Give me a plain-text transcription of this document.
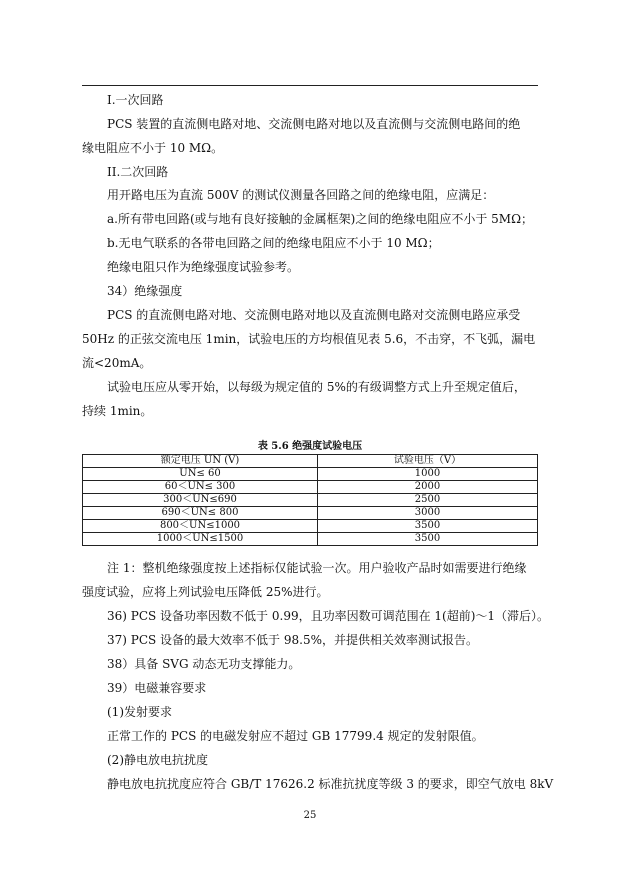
I.一次回路
PCS 装置的直流侧电路对地、交流侧电路对地以及直流侧与交流侧电路间的绝
缘电阻应不小于 10 MΩ。
II.二次回路
用开路电压为直流 500V 的测试仪测量各回路之间的绝缘电阻，应满足：
a.所有带电回路(或与地有良好接触的金属框架)之间的绝缘电阻应不小于 5MΩ；
b.无电气联系的各带电回路之间的绝缘电阻应不小于 10 MΩ；
绝缘电阻只作为绝缘强度试验参考。
34）绝缘强度
PCS 的直流侧电路对地、交流侧电路对地以及直流侧电路对交流侧电路应承受
50Hz 的正弦交流电压 1min，试验电压的方均根值见表 5.6，不击穿，不飞弧，漏电
流<20mA。
试验电压应从零开始，以每级为规定值的 5%的有级调整方式上升至规定值后，
持续 1min。
表 5.6 绝强度试验电压
额定电压 UN (V)	试验电压（V）
UN≤ 60	1000
60＜UN≤ 300	2000
300＜UN≤690	2500
690＜UN≤ 800	3000
800＜UN≤1000	3500
1000＜UN≤1500	3500
注 1：整机绝缘强度按上述指标仅能试验一次。用户验收产品时如需要进行绝缘
强度试验，应将上列试验电压降低 25%进行。
36) PCS 设备功率因数不低于 0.99，且功率因数可调范围在 1(超前)～1（滞后）。
37) PCS 设备的最大效率不低于 98.5%，并提供相关效率测试报告。
38）具备 SVG 动态无功支撑能力。
39）电磁兼容要求
(1)发射要求
正常工作的 PCS 的电磁发射应不超过 GB 17799.4 规定的发射限值。
(2)静电放电抗扰度
静电放电抗扰度应符合 GB/T 17626.2 标准抗扰度等级 3 的要求，即空气放电 8kV
25
